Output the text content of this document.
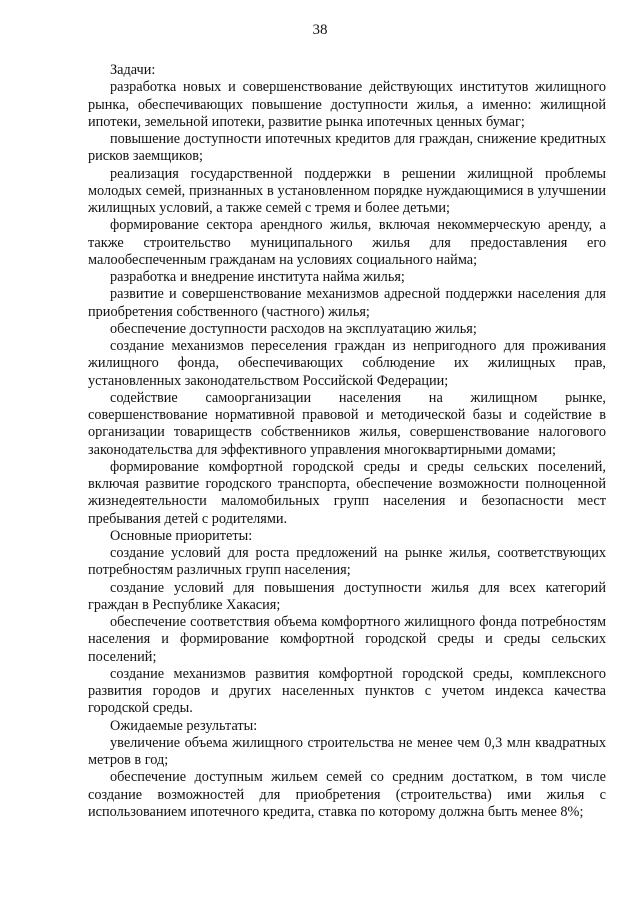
38

Задачи:

разработка новых и совершенствование действующих институтов жилищного рынка, обеспечивающих повышение доступности жилья, а именно: жилищной ипотеки, земельной ипотеки, развитие рынка ипотечных ценных бумаг;

повышение доступности ипотечных кредитов для граждан, снижение кредитных рисков заемщиков;

реализация государственной поддержки в решении жилищной проблемы молодых семей, признанных в установленном порядке нуждающимися в улучшении жилищных условий, а также семей с тремя и более детьми;

формирование сектора арендного жилья, включая некоммерческую аренду, а также строительство муниципального жилья для предоставления его малообеспеченным гражданам на условиях социального найма;

разработка и внедрение института найма жилья;

развитие и совершенствование механизмов адресной поддержки населения для приобретения собственного (частного) жилья;

обеспечение доступности расходов на эксплуатацию жилья;

создание механизмов переселения граждан из непригодного для проживания жилищного фонда, обеспечивающих соблюдение их жилищных прав, установленных законодательством Российской Федерации;

содействие самоорганизации населения на жилищном рынке, совершенствование нормативной правовой и методической базы и содействие в организации товариществ собственников жилья, совершенствование налогового законодательства для эффективного управления многоквартирными домами;

формирование комфортной городской среды и среды сельских поселений, включая развитие городского транспорта, обеспечение возможности полноценной жизнедеятельности маломобильных групп населения и безопасности мест пребывания детей с родителями.

Основные приоритеты:

создание условий для роста предложений на рынке жилья, соответствующих потребностям различных групп населения;

создание условий для повышения доступности жилья для всех категорий граждан в Республике Хакасия;

обеспечение соответствия объема комфортного жилищного фонда потребностям населения и формирование комфортной городской среды и среды сельских поселений;

создание механизмов развития комфортной городской среды, комплексного развития городов и других населенных пунктов с учетом индекса качества городской среды.

Ожидаемые результаты:

увеличение объема жилищного строительства не менее чем 0,3 млн квадратных метров в год;

обеспечение доступным жильем семей со средним достатком, в том числе создание возможностей для приобретения (строительства) ими жилья с использованием ипотечного кредита, ставка по которому должна быть менее 8%;
